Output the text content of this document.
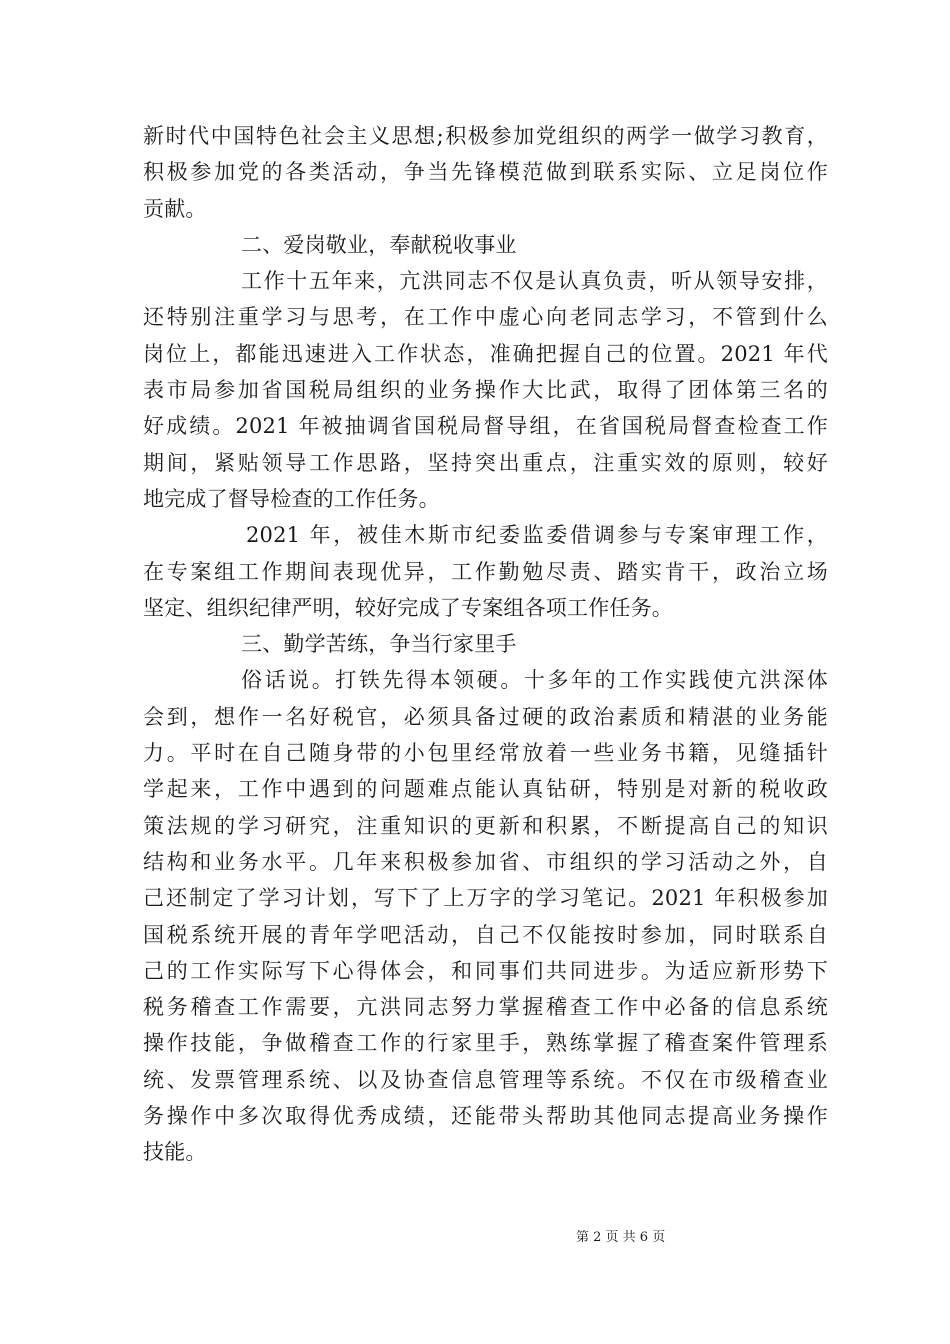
新时代中国特色社会主义思想;积极参加党组织的两学一做学习教育，
积极参加党的各类活动，争当先锋模范做到联系实际、立足岗位作
贡献。
二、爱岗敬业，奉献税收事业
工作十五年来，亢洪同志不仅是认真负责，听从领导安排，
还特别注重学习与思考，在工作中虚心向老同志学习，不管到什么
岗位上，都能迅速进入工作状态，准确把握自己的位置。2021 年代
表市局参加省国税局组织的业务操作大比武，取得了团体第三名的
好成绩。2021 年被抽调省国税局督导组，在省国税局督查检查工作
期间，紧贴领导工作思路，坚持突出重点，注重实效的原则，较好
地完成了督导检查的工作任务。
2021 年，被佳木斯市纪委监委借调参与专案审理工作，
在专案组工作期间表现优异，工作勤勉尽责、踏实肯干，政治立场
坚定、组织纪律严明，较好完成了专案组各项工作任务。
三、勤学苦练，争当行家里手
俗话说。打铁先得本领硬。十多年的工作实践使亢洪深体
会到，想作一名好税官，必须具备过硬的政治素质和精湛的业务能
力。平时在自己随身带的小包里经常放着一些业务书籍，见缝插针
学起来，工作中遇到的问题难点能认真钻研，特别是对新的税收政
策法规的学习研究，注重知识的更新和积累，不断提高自己的知识
结构和业务水平。几年来积极参加省、市组织的学习活动之外，自
己还制定了学习计划，写下了上万字的学习笔记。2021 年积极参加
国税系统开展的青年学吧活动，自己不仅能按时参加，同时联系自
己的工作实际写下心得体会，和同事们共同进步。为适应新形势下
税务稽查工作需要，亢洪同志努力掌握稽查工作中必备的信息系统
操作技能，争做稽查工作的行家里手，熟练掌握了稽查案件管理系
统、发票管理系统、以及协查信息管理等系统。不仅在市级稽查业
务操作中多次取得优秀成绩，还能带头帮助其他同志提高业务操作
技能。
第 2 页 共 6 页
